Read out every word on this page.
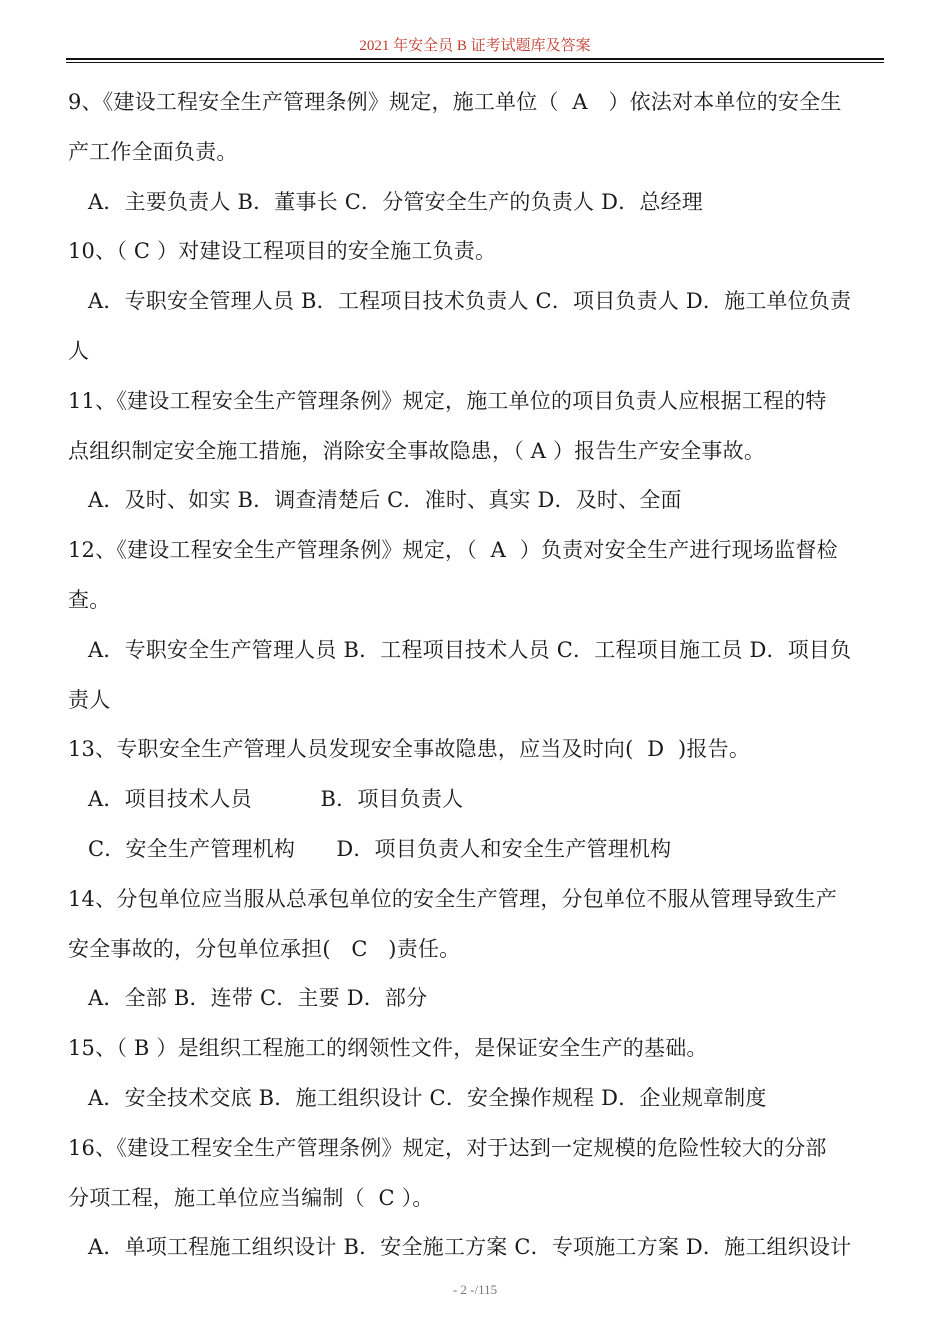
2021 年安全员 B 证考试题库及答案
9、《建设工程安全生产管理条例》规定，施工单位（  A   ）依法对本单位的安全生
产工作全面负责。
A．主要负责人 B．董事长 C．分管安全生产的负责人 D．总经理
10、（ C ）对建设工程项目的安全施工负责。
A．专职安全管理人员 B．工程项目技术负责人 C．项目负责人 D．施工单位负责
人
11、《建设工程安全生产管理条例》规定，施工单位的项目负责人应根据工程的特
点组织制定安全施工措施，消除安全事故隐患，（ A ）报告生产安全事故。
A．及时、如实 B．调查清楚后 C．准时、真实 D．及时、全面
12、《建设工程安全生产管理条例》规定，（  A  ）负责对安全生产进行现场监督检
查。
A．专职安全生产管理人员 B．工程项目技术人员 C．工程项目施工员 D．项目负
责人
13、专职安全生产管理人员发现安全事故隐患，应当及时向(  D  )报告。
A．项目技术人员          B．项目负责人
C．安全生产管理机构      D．项目负责人和安全生产管理机构
14、分包单位应当服从总承包单位的安全生产管理，分包单位不服从管理导致生产
安全事故的，分包单位承担(   C   )责任。
A．全部 B．连带 C．主要 D．部分
15、（ B ）是组织工程施工的纲领性文件，是保证安全生产的基础。
A．安全技术交底 B．施工组织设计 C．安全操作规程 D．企业规章制度
16、《建设工程安全生产管理条例》规定，对于达到一定规模的危险性较大的分部
分项工程，施工单位应当编制（  C ）。
A．单项工程施工组织设计 B．安全施工方案 C．专项施工方案 D．施工组织设计
- 2 -/115
